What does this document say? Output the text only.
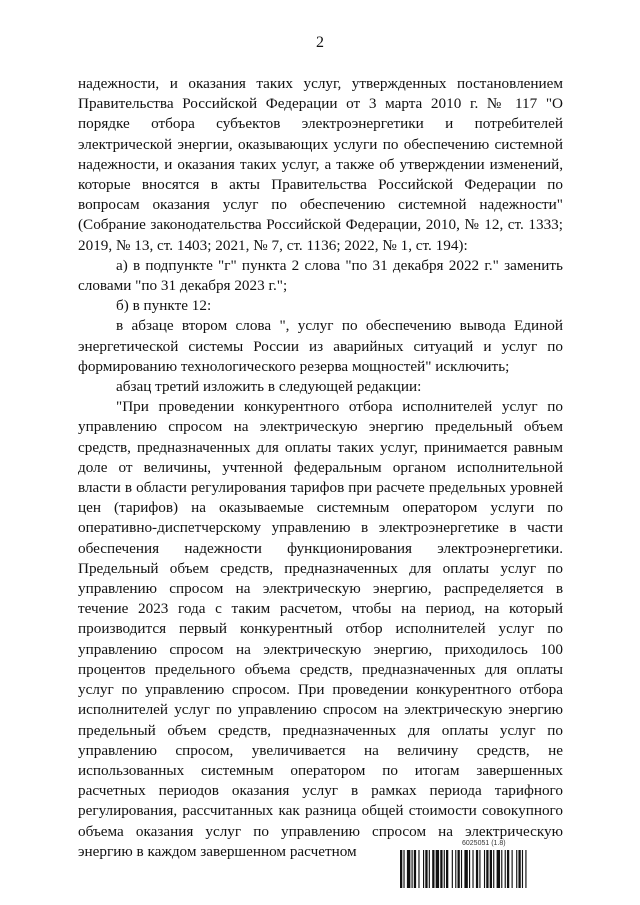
2

надежности, и оказания таких услуг, утвержденных постановлением Правительства Российской Федерации от 3 марта 2010 г. № 117 "О порядке отбора субъектов электроэнергетики и потребителей электрической энергии, оказывающих услуги по обеспечению системной надежности, и оказания таких услуг, а также об утверждении изменений, которые вносятся в акты Правительства Российской Федерации по вопросам оказания услуг по обеспечению системной надежности" (Собрание законодательства Российской Федерации, 2010, № 12, ст. 1333; 2019, № 13, ст. 1403; 2021, № 7, ст. 1136; 2022, № 1, ст. 194):

а) в подпункте "г" пункта 2 слова "по 31 декабря 2022 г." заменить словами "по 31 декабря 2023 г.";

б) в пункте 12:

в абзаце втором слова ", услуг по обеспечению вывода Единой энергетической системы России из аварийных ситуаций и услуг по формированию технологического резерва мощностей" исключить;

абзац третий изложить в следующей редакции:

"При проведении конкурентного отбора исполнителей услуг по управлению спросом на электрическую энергию предельный объем средств, предназначенных для оплаты таких услуг, принимается равным доле от величины, учтенной федеральным органом исполнительной власти в области регулирования тарифов при расчете предельных уровней цен (тарифов) на оказываемые системным оператором услуги по оперативно-диспетчерскому управлению в электроэнергетике в части обеспечения надежности функционирования электроэнергетики. Предельный объем средств, предназначенных для оплаты услуг по управлению спросом на электрическую энергию, распределяется в течение 2023 года с таким расчетом, чтобы на период, на который производится первый конкурентный отбор исполнителей услуг по управлению спросом на электрическую энергию, приходилось 100 процентов предельного объема средств, предназначенных для оплаты услуг по управлению спросом. При проведении конкурентного отбора исполнителей услуг по управлению спросом на электрическую энергию предельный объем средств, предназначенных для оплаты услуг по управлению спросом, увеличивается на величину средств, не использованных системным оператором по итогам завершенных расчетных периодов оказания услуг в рамках периода тарифного регулирования, рассчитанных как разница общей стоимости совокупного объема оказания услуг по управлению спросом на электрическую энергию в каждом завершенном расчетном	6025051 (1.8)
